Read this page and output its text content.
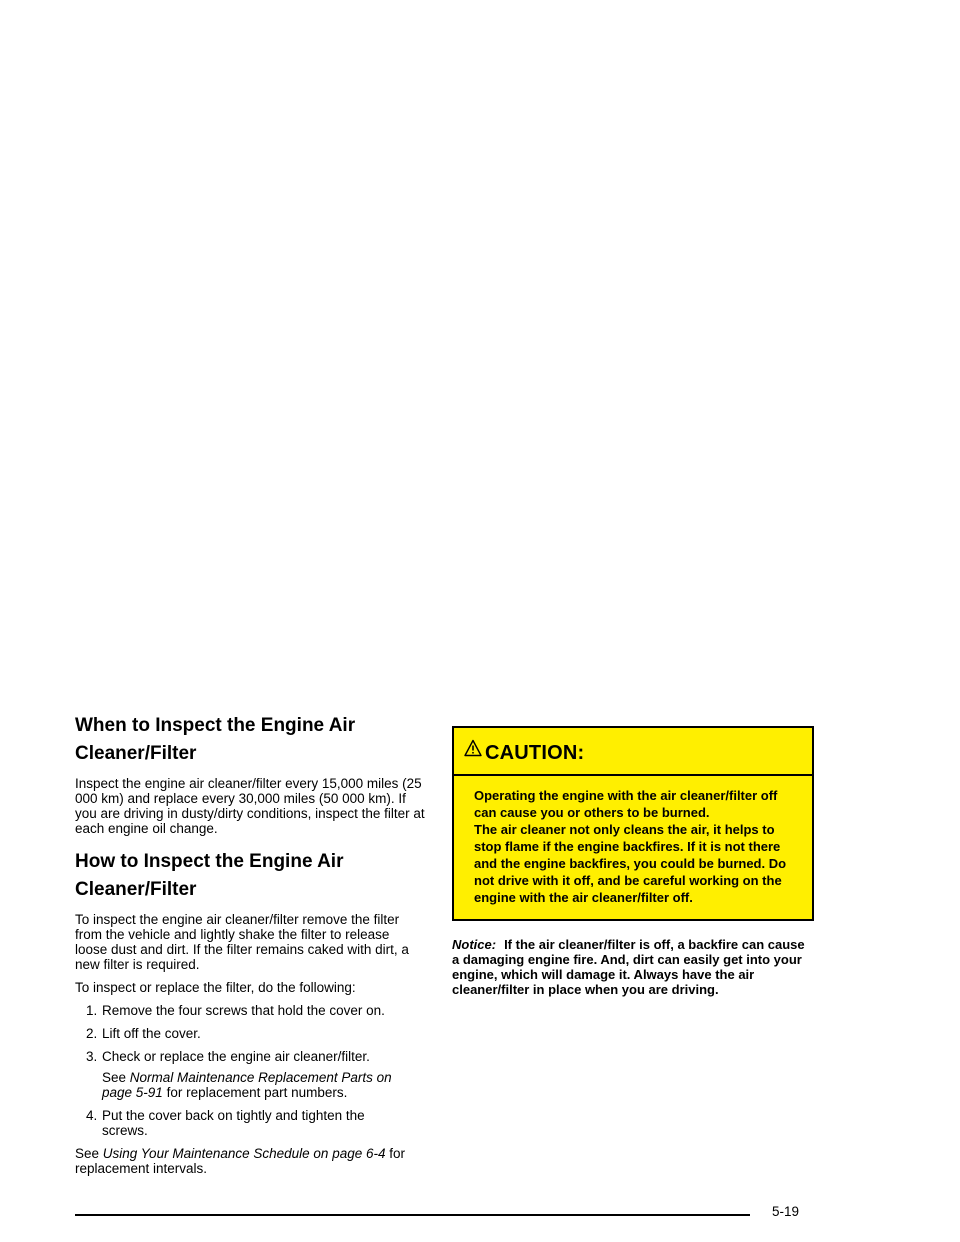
When to Inspect the Engine Air Cleaner/Filter

Inspect the engine air cleaner/filter every 15,000 miles (25 000 km) and replace every 30,000 miles (50 000 km). If you are driving in dusty/dirty conditions, inspect the filter at each engine oil change.

How to Inspect the Engine Air Cleaner/Filter

To inspect the engine air cleaner/filter remove the filter from the vehicle and lightly shake the filter to release loose dust and dirt. If the filter remains caked with dirt, a new filter is required.

To inspect or replace the filter, do the following:

1. Remove the four screws that hold the cover on.
2. Lift off the cover.
3. Check or replace the engine air cleaner/filter.

See Normal Maintenance Replacement Parts on page 5-91 for replacement part numbers.

4. Put the cover back on tightly and tighten the screws.

See Using Your Maintenance Schedule on page 6-4 for replacement intervals.

CAUTION:

Operating the engine with the air cleaner/filter off can cause you or others to be burned.

The air cleaner not only cleans the air, it helps to stop flame if the engine backfires. If it is not there and the engine backfires, you could be burned. Do not drive with it off, and be careful working on the engine with the air cleaner/filter off.

Notice: If the air cleaner/filter is off, a backfire can cause a damaging engine fire. And, dirt can easily get into your engine, which will damage it. Always have the air cleaner/filter in place when you are driving.

5-19
